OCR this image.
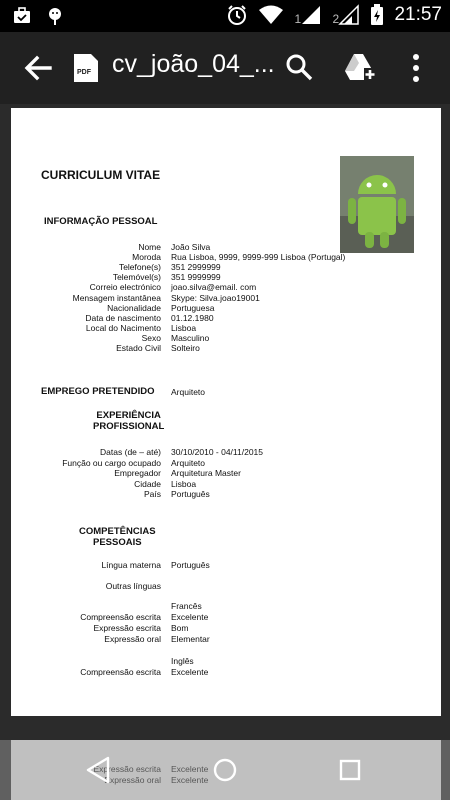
1	2	21:57
PDF cv_joão_04_...
CURRICULUM VITAE
INFORMAÇÃO PESSOAL
Nome João Silva
Moroda Rua Lisboa, 9999, 9999-999 Lisboa (Portugal)
Telefone(s) 351 2999999
Telemóvel(s) 351 9999999
Correio electrónico joao.silva@email. com
Mensagem instantânea Skype: Silva.joao19001
Nacionalidade Portuguesa
Data de nascimento 01.12.1980
Local do Nacimento Lisboa
Sexo Masculino
Estado Civil Solteiro
EMPREGO PRETENDIDO Arquiteto
EXPERIÊNCIA
PROFISSIONAL
Datas (de – até) 30/10/2010 - 04/11/2015
Função ou cargo ocupado Arquiteto
Empregador Arquitetura Master
Cidade Lisboa
País Português
COMPETÊNCIAS
PESSOAIS
Língua materna Português
Outras línguas
Francês
Compreensão escrita Excelente
Expressão escrita Bom
Expressão oral Elementar
Inglês
Compreensão escrita Excelente
